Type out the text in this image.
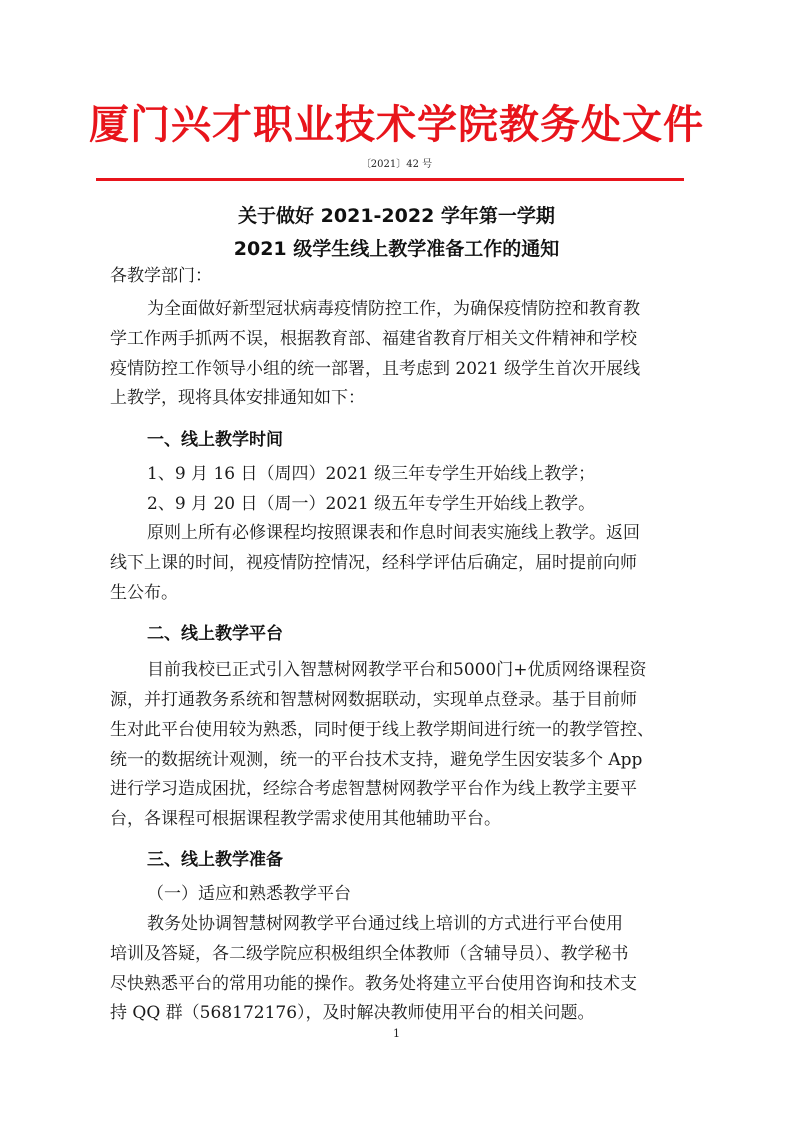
厦门兴才职业技术学院教务处文件
〔2021〕42 号
关于做好 2021-2022 学年第一学期
2021 级学生线上教学准备工作的通知
各教学部门：
为全面做好新型冠状病毒疫情防控工作，为确保疫情防控和教育教
学工作两手抓两不误，根据教育部、福建省教育厅相关文件精神和学校
疫情防控工作领导小组的统一部署，且考虑到 2021 级学生首次开展线
上教学，现将具体安排通知如下：
一、线上教学时间
1、9 月 16 日（周四）2021 级三年专学生开始线上教学；
2、9 月 20 日（周一）2021 级五年专学生开始线上教学。
原则上所有必修课程均按照课表和作息时间表实施线上教学。返回
线下上课的时间，视疫情防控情况，经科学评估后确定，届时提前向师
生公布。
二、线上教学平台
目前我校已正式引入智慧树网教学平台和5000门+优质网络课程资
源，并打通教务系统和智慧树网数据联动，实现单点登录。基于目前师
生对此平台使用较为熟悉，同时便于线上教学期间进行统一的教学管控、
统一的数据统计观测，统一的平台技术支持，避免学生因安装多个 App
进行学习造成困扰，经综合考虑智慧树网教学平台作为线上教学主要平
台，各课程可根据课程教学需求使用其他辅助平台。
三、线上教学准备
（一）适应和熟悉教学平台
教务处协调智慧树网教学平台通过线上培训的方式进行平台使用
培训及答疑，各二级学院应积极组织全体教师（含辅导员）、教学秘书
尽快熟悉平台的常用功能的操作。教务处将建立平台使用咨询和技术支
持 QQ 群（568172176），及时解决教师使用平台的相关问题。
1
